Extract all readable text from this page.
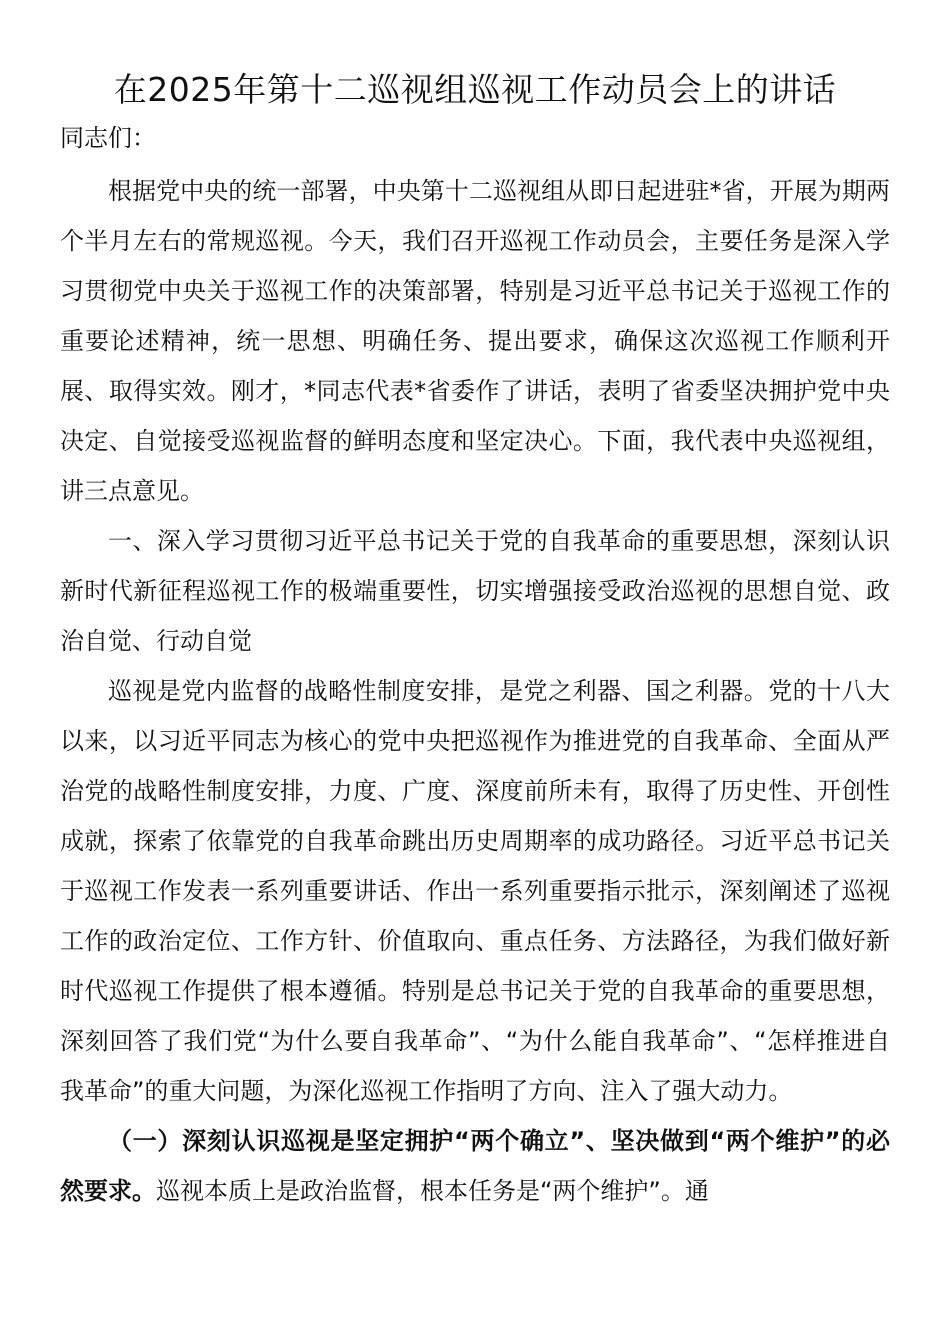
在2025年第十二巡视组巡视工作动员会上的讲话

同志们：

根据党中央的统一部署，中央第十二巡视组从即日起进驻*省，开展为期两个半月左右的常规巡视。今天，我们召开巡视工作动员会，主要任务是深入学习贯彻党中央关于巡视工作的决策部署，特别是习近平总书记关于巡视工作的重要论述精神，统一思想、明确任务、提出要求，确保这次巡视工作顺利开展、取得实效。刚才，*同志代表*省委作了讲话，表明了省委坚决拥护党中央决定、自觉接受巡视监督的鲜明态度和坚定决心。下面，我代表中央巡视组，讲三点意见。

一、深入学习贯彻习近平总书记关于党的自我革命的重要思想，深刻认识新时代新征程巡视工作的极端重要性，切实增强接受政治巡视的思想自觉、政治自觉、行动自觉

巡视是党内监督的战略性制度安排，是党之利器、国之利器。党的十八大以来，以习近平同志为核心的党中央把巡视作为推进党的自我革命、全面从严治党的战略性制度安排，力度、广度、深度前所未有，取得了历史性、开创性成就，探索了依靠党的自我革命跳出历史周期率的成功路径。习近平总书记关于巡视工作发表一系列重要讲话、作出一系列重要指示批示，深刻阐述了巡视工作的政治定位、工作方针、价值取向、重点任务、方法路径，为我们做好新时代巡视工作提供了根本遵循。特别是总书记关于党的自我革命的重要思想，深刻回答了我们党“为什么要自我革命”、“为什么能自我革命”、“怎样推进自我革命”的重大问题，为深化巡视工作指明了方向、注入了强大动力。

（一）深刻认识巡视是坚定拥护“两个确立”、坚决做到“两个维护”的必然要求。巡视本质上是政治监督，根本任务是“两个维护”。通
